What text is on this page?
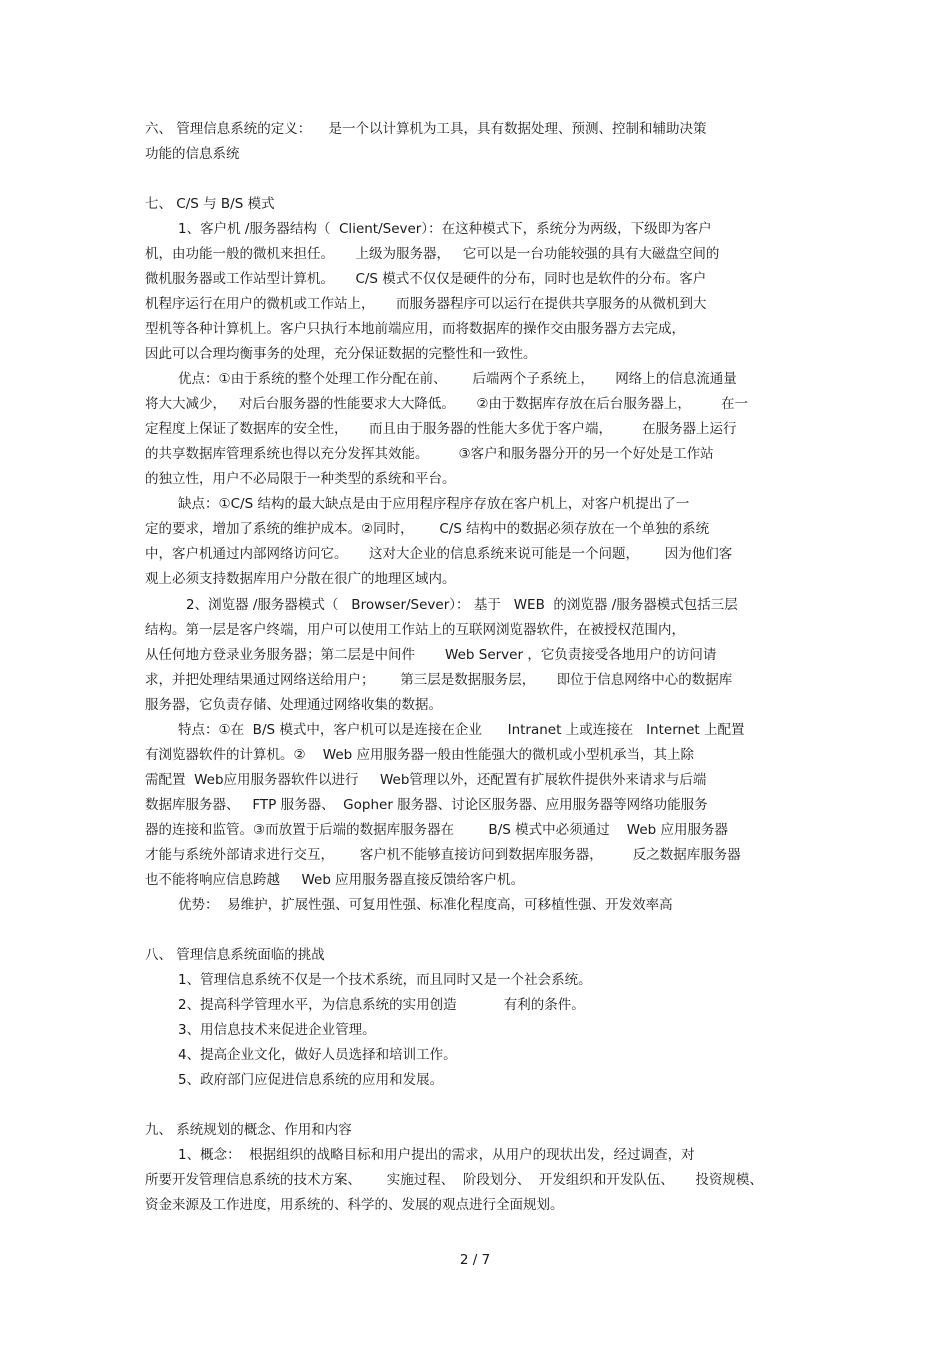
六、 管理信息系统的定义：    是一个以计算机为工具，具有数据处理、预测、控制和辅助决策
功能的信息系统
七、 C/S 与 B/S 模式
1、客户机 /服务器结构（  Client/Sever）：在这种模式下，系统分为两级，下级即为客户
机，由功能一般的微机来担任。     上级为服务器，   它可以是一台功能较强的具有大磁盘空间的
微机服务器或工作站型计算机。     C/S 模式不仅仅是硬件的分布，同时也是软件的分布。客户
机程序运行在用户的微机或工作站上，     而服务器程序可以运行在提供共享服务的从微机到大
型机等各种计算机上。客户只执行本地前端应用，而将数据库的操作交由服务器方去完成，
因此可以合理均衡事务的处理，充分保证数据的完整性和一致性。
优点：①由于系统的整个处理工作分配在前、      后端两个子系统上，     网络上的信息流通量
将大大减少，   对后台服务器的性能要求大大降低。     ②由于数据库存放在后台服务器上，       在一
定程度上保证了数据库的安全性，     而且由于服务器的性能大多优于客户端，       在服务器上运行
的共享数据库管理系统也得以充分发挥其效能。       ③客户和服务器分开的另一个好处是工作站
的独立性，用户不必局限于一种类型的系统和平台。
缺点：①C/S 结构的最大缺点是由于应用程序程序存放在客户机上，对客户机提出了一
定的要求，增加了系统的维护成本。②同时，      C/S 结构中的数据必须存放在一个单独的系统
中，客户机通过内部网络访问它。     这对大企业的信息系统来说可能是一个问题，      因为他们客
观上必须支持数据库用户分散在很广的地理区域内。
2、浏览器 /服务器模式（   Browser/Sever）： 基于   WEB  的浏览器 /服务器模式包括三层
结构。第一层是客户终端，用户可以使用工作站上的互联网浏览器软件，在被授权范围内，
从任何地方登录业务服务器；第二层是中间件       Web Server ，它负责接受各地用户的访问请
求，并把处理结果通过网络送给用户；      第三层是数据服务层，     即位于信息网络中心的数据库
服务器，它负责存储、处理通过网络收集的数据。
特点：①在  B/S 模式中，客户机可以是连接在企业      Intranet 上或连接在   Internet 上配置
有浏览器软件的计算机。②    Web 应用服务器一般由性能强大的微机或小型机承当，其上除
需配置  Web应用服务器软件以进行     Web管理以外，还配置有扩展软件提供外来请求与后端
数据库服务器、   FTP 服务器、  Gopher 服务器、讨论区服务器、应用服务器等网络功能服务
器的连接和监管。③而放置于后端的数据库服务器在        B/S 模式中必须通过    Web 应用服务器
才能与系统外部请求进行交互，      客户机不能够直接访问到数据库服务器，       反之数据库服务器
也不能将响应信息跨越     Web 应用服务器直接反馈给客户机。
优势：  易维护，扩展性强、可复用性强、标准化程度高，可移植性强、开发效率高
八、 管理信息系统面临的挑战
1、管理信息系统不仅是一个技术系统，而且同时又是一个社会系统。
2、提高科学管理水平，为信息系统的实用创造           有利的条件。
3、用信息技术来促进企业管理。
4、提高企业文化，做好人员选择和培训工作。
5、政府部门应促进信息系统的应用和发展。
九、 系统规划的概念、作用和内容
1、概念：  根据组织的战略目标和用户提出的需求，从用户的现状出发，经过调查，对
所要开发管理信息系统的技术方案、      实施过程、  阶段划分、  开发组织和开发队伍、     投资规模、
资金来源及工作进度，用系统的、科学的、发展的观点进行全面规划。
2 / 7
